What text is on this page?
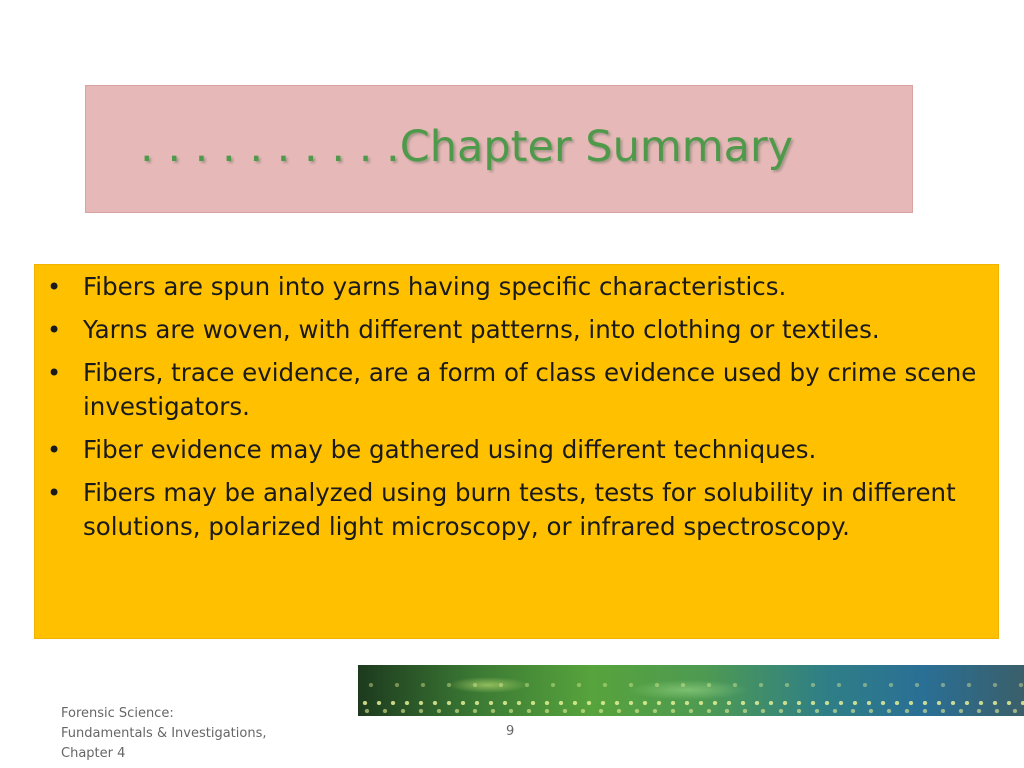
. . . . . . . . . .Chapter Summary
• Fibers are spun into yarns having specific characteristics.
• Yarns are woven, with different patterns, into clothing or textiles.
• Fibers, trace evidence, are a form of class evidence used by crime scene investigators.
• Fiber evidence may be gathered using different techniques.
• Fibers may be analyzed using burn tests, tests for solubility in different solutions, polarized light microscopy, or infrared spectroscopy.
Forensic Science:
Fundamentals & Investigations,
Chapter 4
9
